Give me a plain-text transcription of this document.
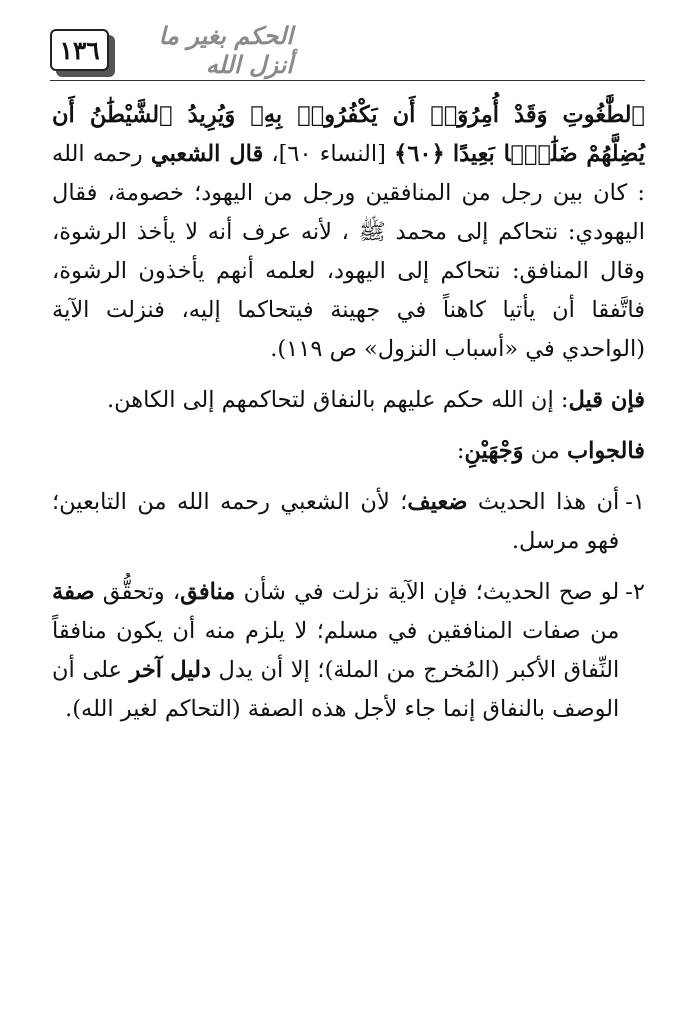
١٣٦	الحكم بغير ما أنزل الله

ٱلطَّٰغُوتِ وَقَدْ أُمِرُوٓا۟ أَن يَكْفُرُوا۟ بِهِۦ وَيُرِيدُ ٱلشَّيْطَٰنُ أَن يُضِلَّهُمْ ضَلَٰلًۢا بَعِيدًا ﴿٦٠﴾ [النساء ٦٠]، قال الشعبي رحمه الله : كان بين رجل من المنافقين ورجل من اليهود؛ خصومة، فقال اليهودي: نتحاكم إلى محمد ﷺ ، لأنه عرف أنه لا يأخذ الرشوة، وقال المنافق: نتحاكم إلى اليهود، لعلمه أنهم يأخذون الرشوة، فاتَّفقا أن يأتيا كاهناً في جهينة فيتحاكما إليه، فنزلت الآية (الواحدي في «أسباب النزول» ص ١١٩).

فإن قيل: إن الله حكم عليهم بالنفاق لتحاكمهم إلى الكاهن.

فالجواب من وَجْهَيْنِ:

١-
أن هذا الحديث ضعيف؛ لأن الشعبي رحمه الله من التابعين؛ فهو مرسل.

٢-
لو صح الحديث؛ فإن الآية نزلت في شأن منافق، وتحقُّق صفة من صفات المنافقين في مسلم؛ لا يلزم منه أن يكون منافقاً النِّفاق الأكبر (المُخرج من الملة)؛ إلا أن يدل دليل آخر على أن الوصف بالنفاق إنما جاء لأجل هذه الصفة (التحاكم لغير الله).
